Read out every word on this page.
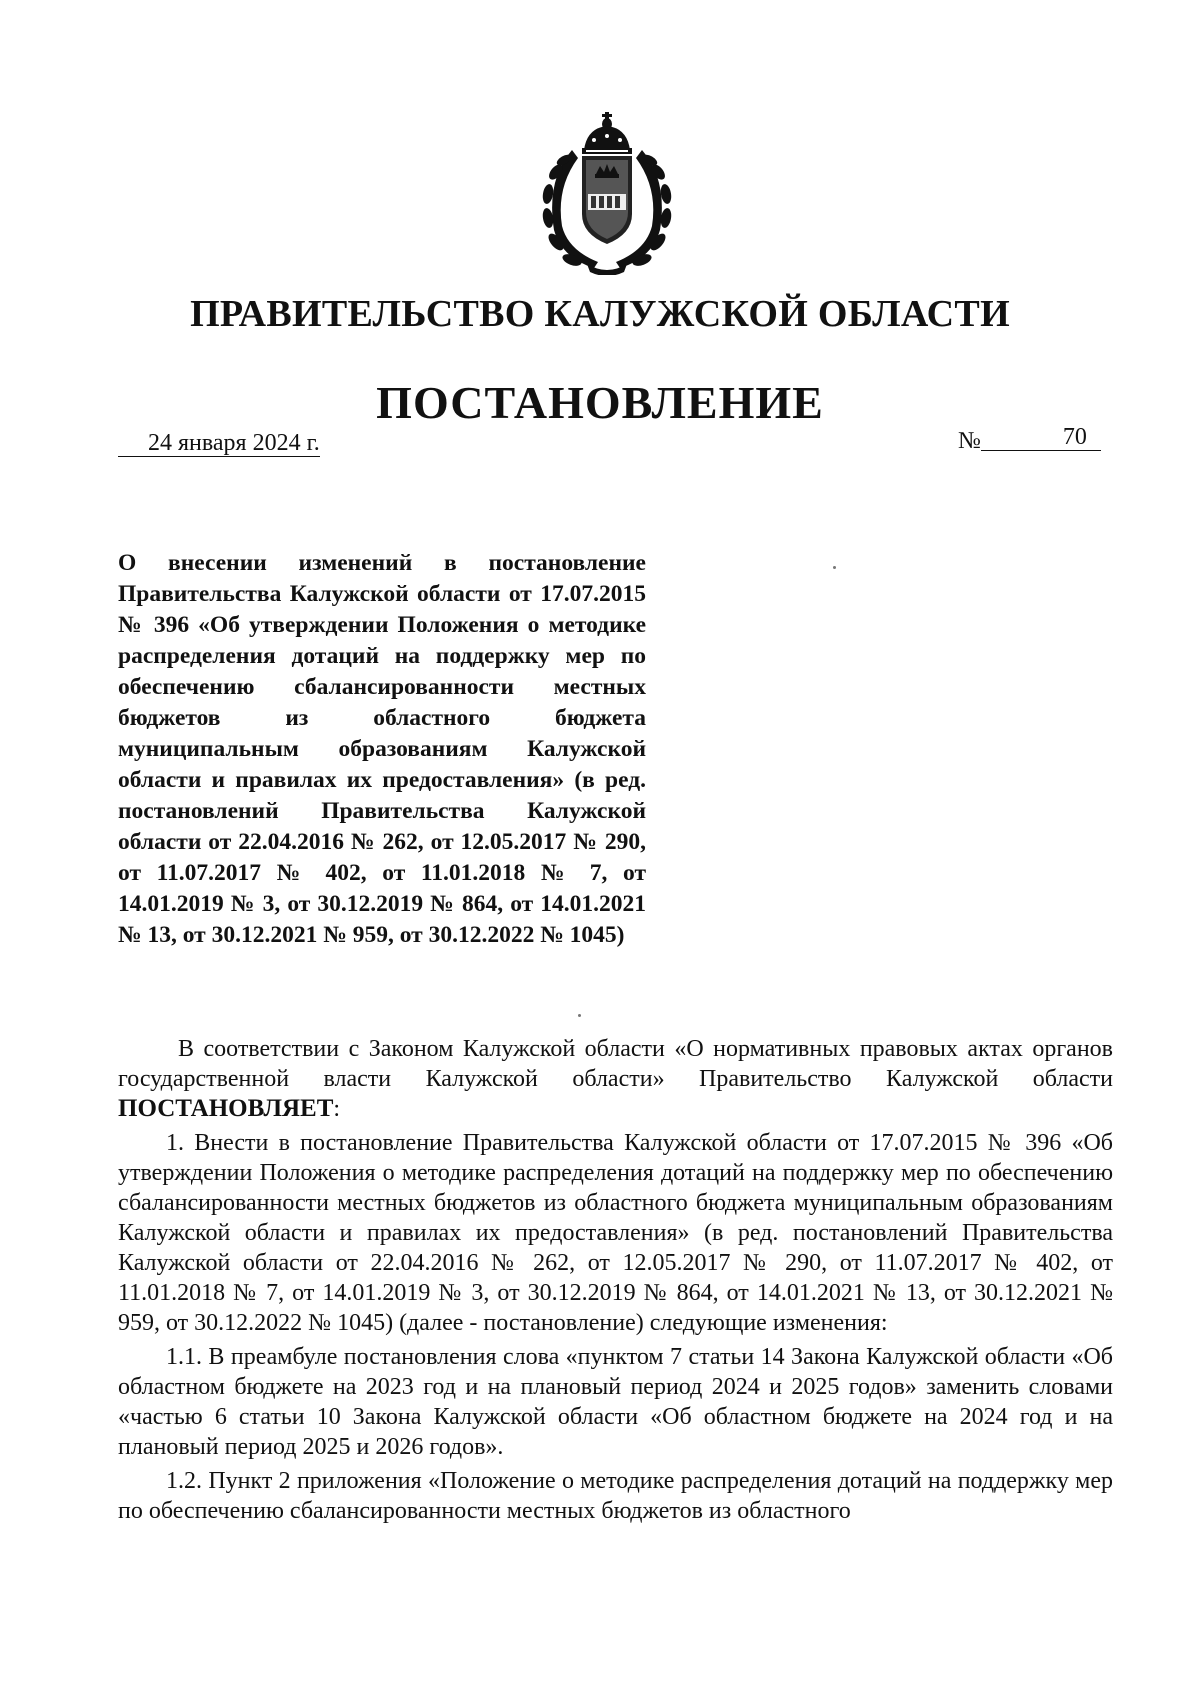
ПРАВИТЕЛЬСТВО КАЛУЖСКОЙ ОБЛАСТИ
ПОСТАНОВЛЕНИЕ
24 января 2024 г.	№	70
О внесении изменений в постановление Правительства Калужской области от 17.07.2015 № 396 «Об утверждении Положения о методике распределения дотаций на поддержку мер по обеспечению сбалансированности местных бюджетов из областного бюджета муниципальным образованиям Калужской области и правилах их предоставления» (в ред. постановлений Правительства Калужской области от 22.04.2016 № 262, от 12.05.2017 № 290, от 11.07.2017 № 402, от 11.01.2018 № 7, от 14.01.2019 № 3, от 30.12.2019 № 864, от 14.01.2021 № 13, от 30.12.2021 № 959, от 30.12.2022 № 1045)

В соответствии с Законом Калужской области «О нормативных правовых актах органов государственной власти Калужской области» Правительство Калужской области ПОСТАНОВЛЯЕТ:

1. Внести в постановление Правительства Калужской области от 17.07.2015 № 396 «Об утверждении Положения о методике распределения дотаций на поддержку мер по обеспечению сбалансированности местных бюджетов из областного бюджета муниципальным образованиям Калужской области и правилах их предоставления» (в ред. постановлений Правительства Калужской области от 22.04.2016 № 262, от 12.05.2017 № 290, от 11.07.2017 № 402, от 11.01.2018 № 7, от 14.01.2019 № 3, от 30.12.2019 № 864, от 14.01.2021 № 13, от 30.12.2021 № 959, от 30.12.2022 № 1045) (далее - постановление) следующие изменения:

1.1. В преамбуле постановления слова «пунктом 7 статьи 14 Закона Калужской области «Об областном бюджете на 2023 год и на плановый период 2024 и 2025 годов» заменить словами «частью 6 статьи 10 Закона Калужской области «Об областном бюджете на 2024 год и на плановый период 2025 и 2026 годов».

1.2. Пункт 2 приложения «Положение о методике распределения дотаций на поддержку мер по обеспечению сбалансированности местных бюджетов из областного
